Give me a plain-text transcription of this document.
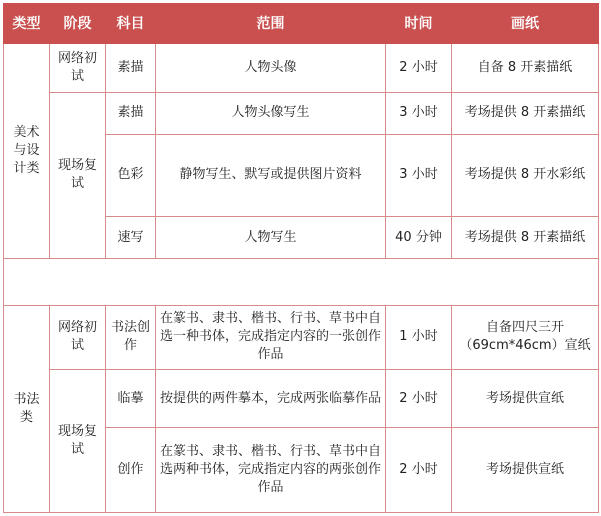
类型	阶段	科目	范围	时间	画纸
美术与设计类	网络初试	素描	人物头像	2 小时	自备 8 开素描纸
	现场复试	素描	人物头像写生	3 小时	考场提供 8 开素描纸
		色彩	静物写生、默写或提供图片资料	3 小时	考场提供 8 开水彩纸
		速写	人物写生	40 分钟	考场提供 8 开素描纸

书法类	网络初试	书法创作	在篆书、隶书、楷书、行书、草书中自选一种书体，完成指定内容的一张创作作品	1 小时	自备四尺三开（69cm*46cm）宣纸
	现场复试	临摹	按提供的两件摹本，完成两张临摹作品	2 小时	考场提供宣纸
		创作	在篆书、隶书、楷书、行书、草书中自选两种书体，完成指定内容的两张创作作品	2 小时	考场提供宣纸
